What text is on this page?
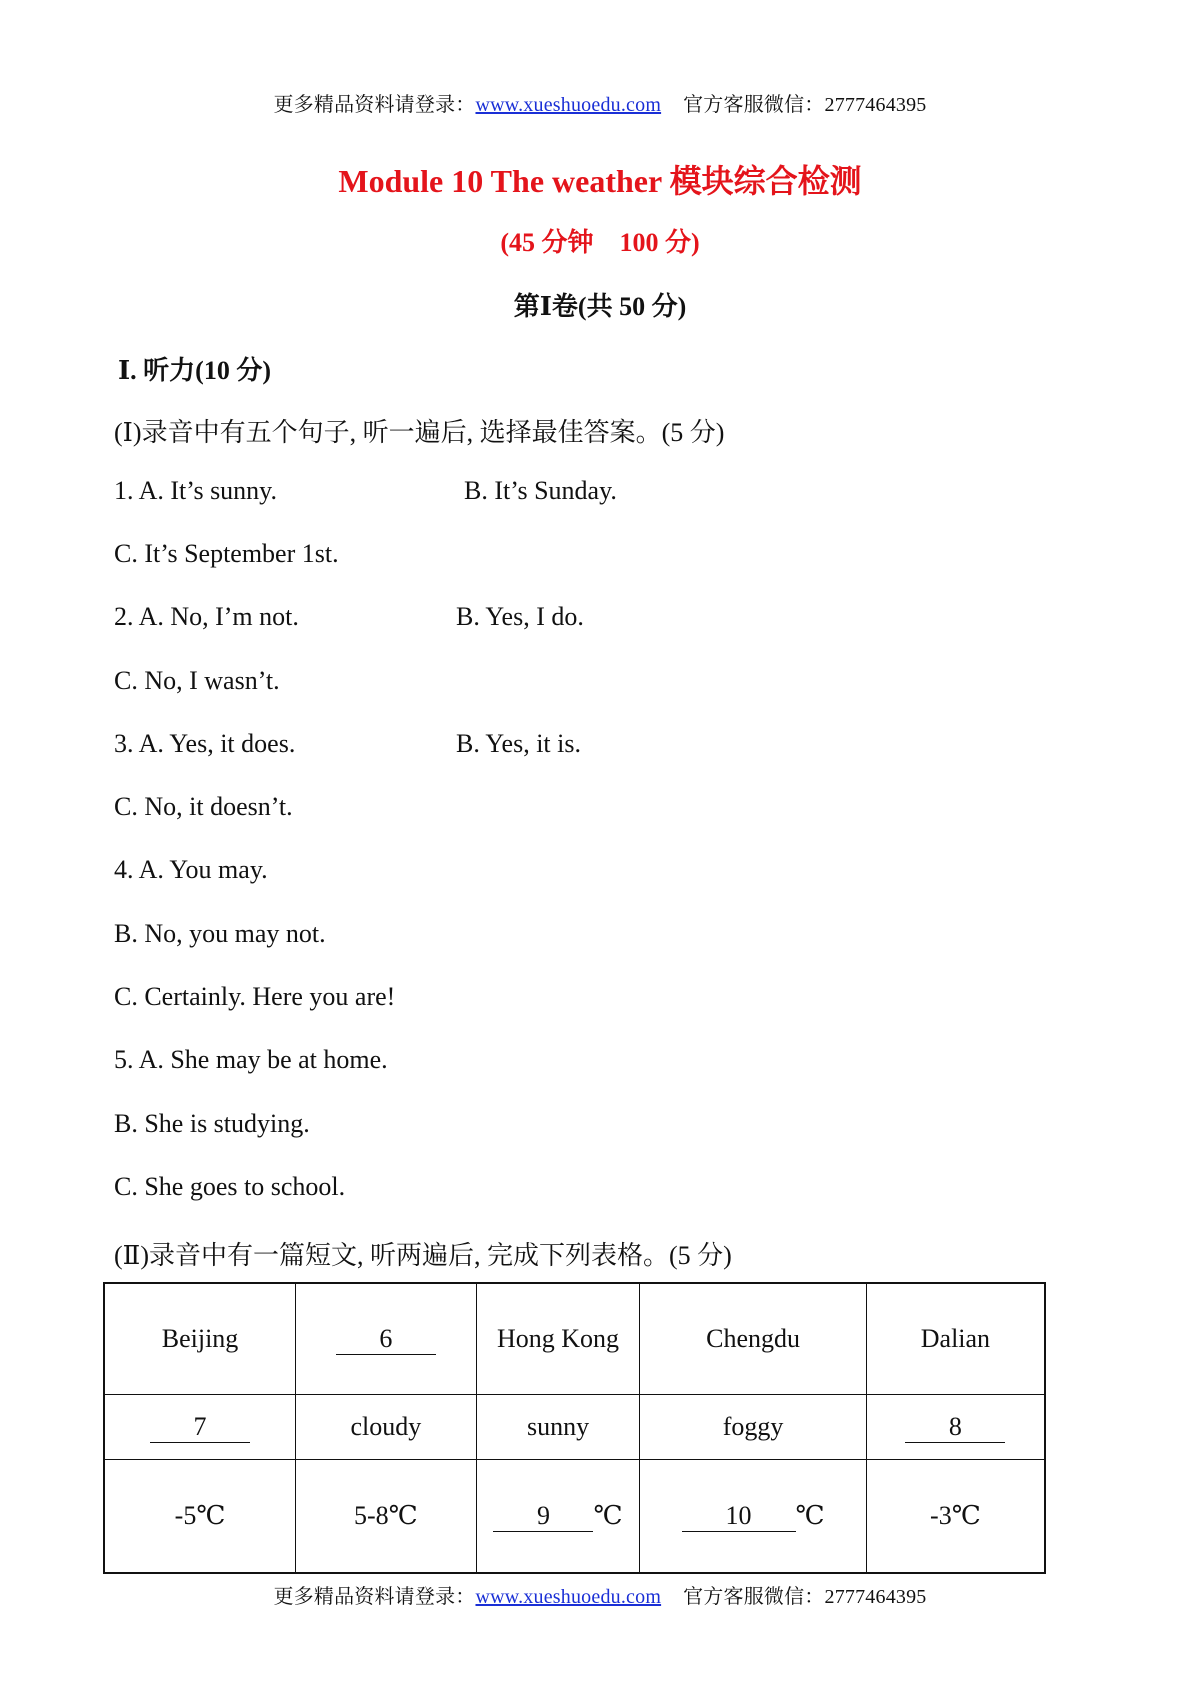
更多精品资料请登录：www.xueshuoedu.com 官方客服微信：2777464395
Module 10 The weather 模块综合检测
(45 分钟　100 分)
第Ⅰ卷(共 50 分)
Ⅰ. 听力(10 分)
(Ⅰ)录音中有五个句子, 听一遍后, 选择最佳答案。(5 分)
1. A. It’s sunny.	B. It’s Sunday.
C. It’s September 1st.
2. A. No, I’m not.	B. Yes, I do.
C. No, I wasn’t.
3. A. Yes, it does.	B. Yes, it is.
C. No, it doesn’t.
4. A. You may.
B. No, you may not.
C. Certainly. Here you are!
5. A. She may be at home.
B. She is studying.
C. She goes to school.
(Ⅱ)录音中有一篇短文, 听两遍后, 完成下列表格。(5 分)
Beijing	6	Hong Kong	Chengdu	Dalian
7	cloudy	sunny	foggy	8
-5℃	5-8℃	9 ℃	10 ℃	-3℃
更多精品资料请登录：www.xueshuoedu.com 官方客服微信：2777464395
